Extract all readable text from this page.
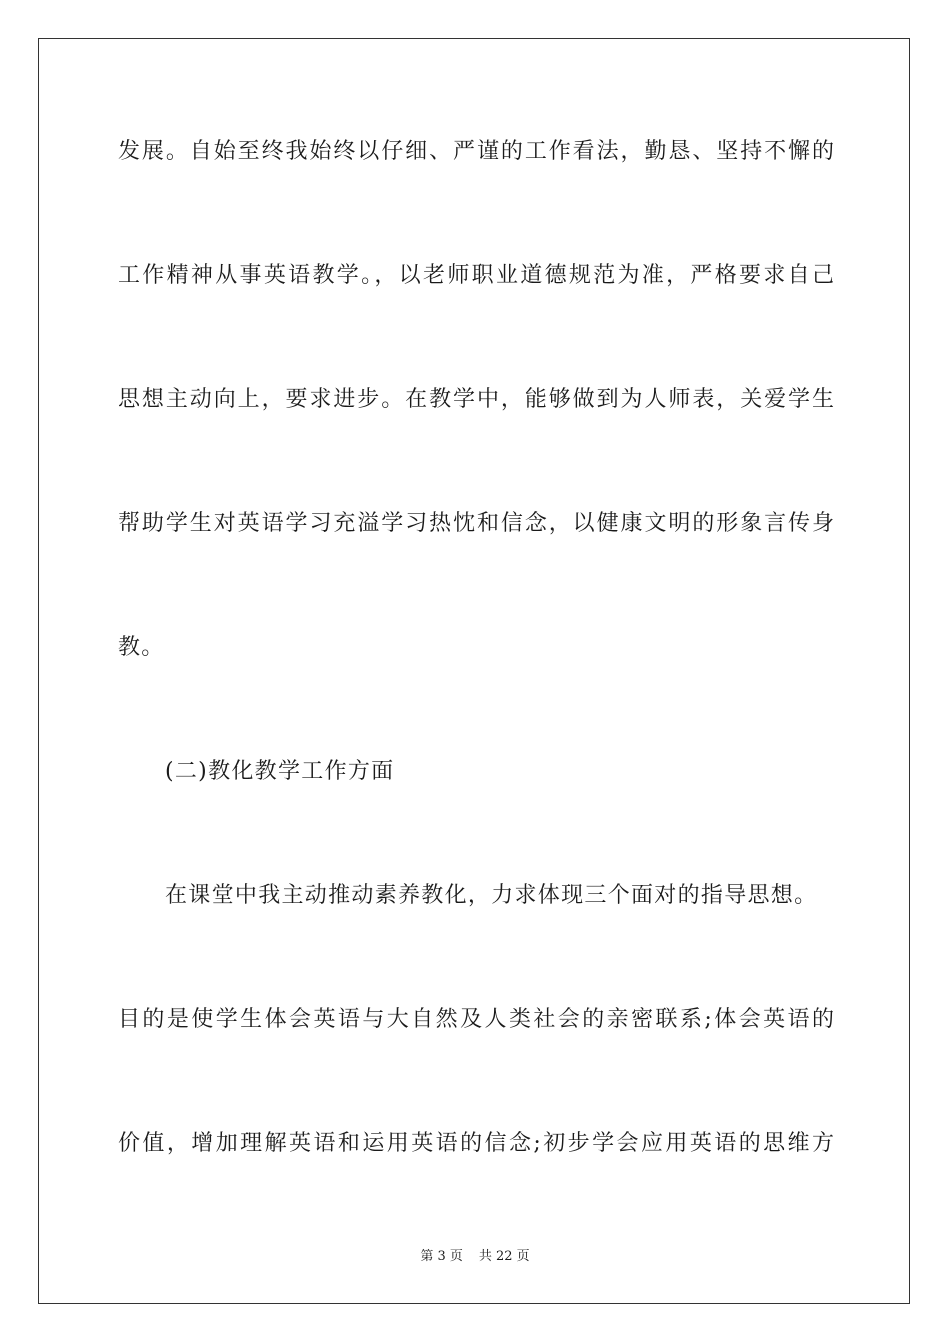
发展。自始至终我始终以仔细、严谨的工作看法，勤恳、坚持不懈的
工作精神从事英语教学。，以老师职业道德规范为准，严格要求自己
思想主动向上，要求进步。在教学中，能够做到为人师表，关爱学生
帮助学生对英语学习充溢学习热忱和信念，以健康文明的形象言传身
教。
(二)教化教学工作方面
在课堂中我主动推动素养教化，力求体现三个面对的指导思想。
目的是使学生体会英语与大自然及人类社会的亲密联系;体会英语的
价值，增加理解英语和运用英语的信念;初步学会应用英语的思维方
第 3 页 共 22 页
